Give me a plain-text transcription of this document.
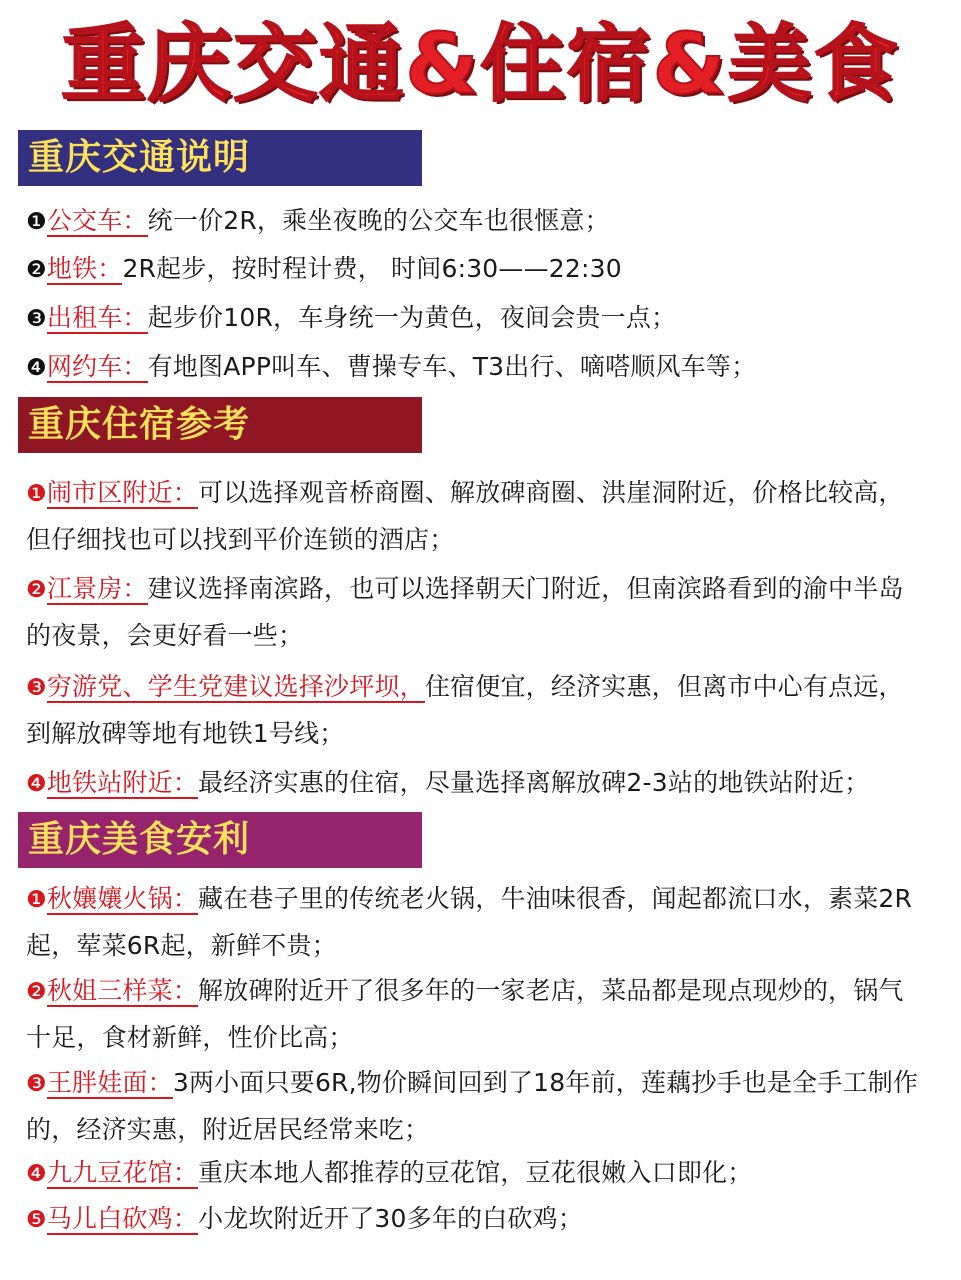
重庆交通&住宿&美食
重庆交通说明
❶公交车：统一价2R，乘坐夜晚的公交车也很惬意；
❷地铁：2R起步，按时程计费， 时间6:30——22:30
❸出租车：起步价10R，车身统一为黄色，夜间会贵一点；
❹网约车：有地图APP叫车、曹操专车、T3出行、嘀嗒顺风车等；
重庆住宿参考
❶闹市区附近：可以选择观音桥商圈、解放碑商圈、洪崖洞附近，价格比较高， 但仔细找也可以找到平价连锁的酒店；
❷江景房：建议选择南滨路，也可以选择朝天门附近，但南滨路看到的渝中半岛的夜景，会更好看一些；
❸穷游党、学生党建议选择沙坪坝，住宿便宜，经济实惠，但离市中心有点远，到解放碑等地有地铁1号线；
❹地铁站附近：最经济实惠的住宿，尽量选择离解放碑2-3站的地铁站附近；
重庆美食安利
❶秋孃孃火锅：藏在巷子里的传统老火锅，牛油味很香，闻起都流口水，素菜2R起，荤菜6R起，新鲜不贵；
❷秋姐三样菜：解放碑附近开了很多年的一家老店，菜品都是现点现炒的，锅气十足，食材新鲜，性价比高；
❸王胖娃面：3两小面只要6R,物价瞬间回到了18年前，莲藕抄手也是全手工制作的，经济实惠，附近居民经常来吃；
❹九九豆花馆：重庆本地人都推荐的豆花馆，豆花很嫩入口即化；
❺马儿白砍鸡：小龙坎附近开了30多年的白砍鸡；
